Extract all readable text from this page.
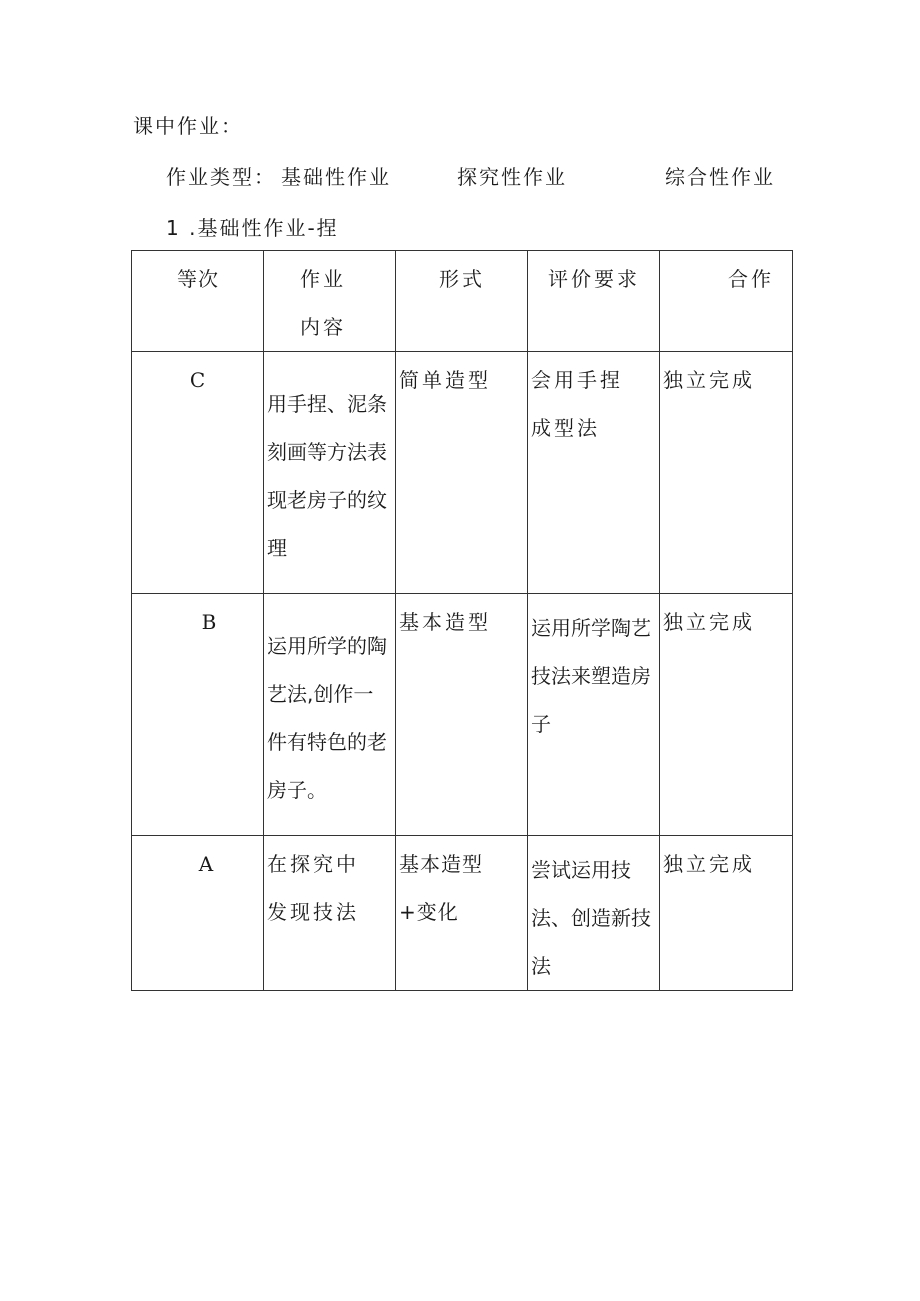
课中作业：
作业类型： 基础性作业	探究性作业	综合性作业
1 .基础性作业-捏
等次	作业内容	形式	评价要求	合作

C	用手捏、泥条刻画等方法表现老房子的纹理	简单造型	会用手捏成型法	独立完成

B	运用所学的陶艺法,创作一件有特色的老房子。	基本造型	运用所学陶艺技法来塑造房子	独立完成

A	在探究中发现技法	基本造型+变化	尝试运用技法、创造新技法	独立完成
